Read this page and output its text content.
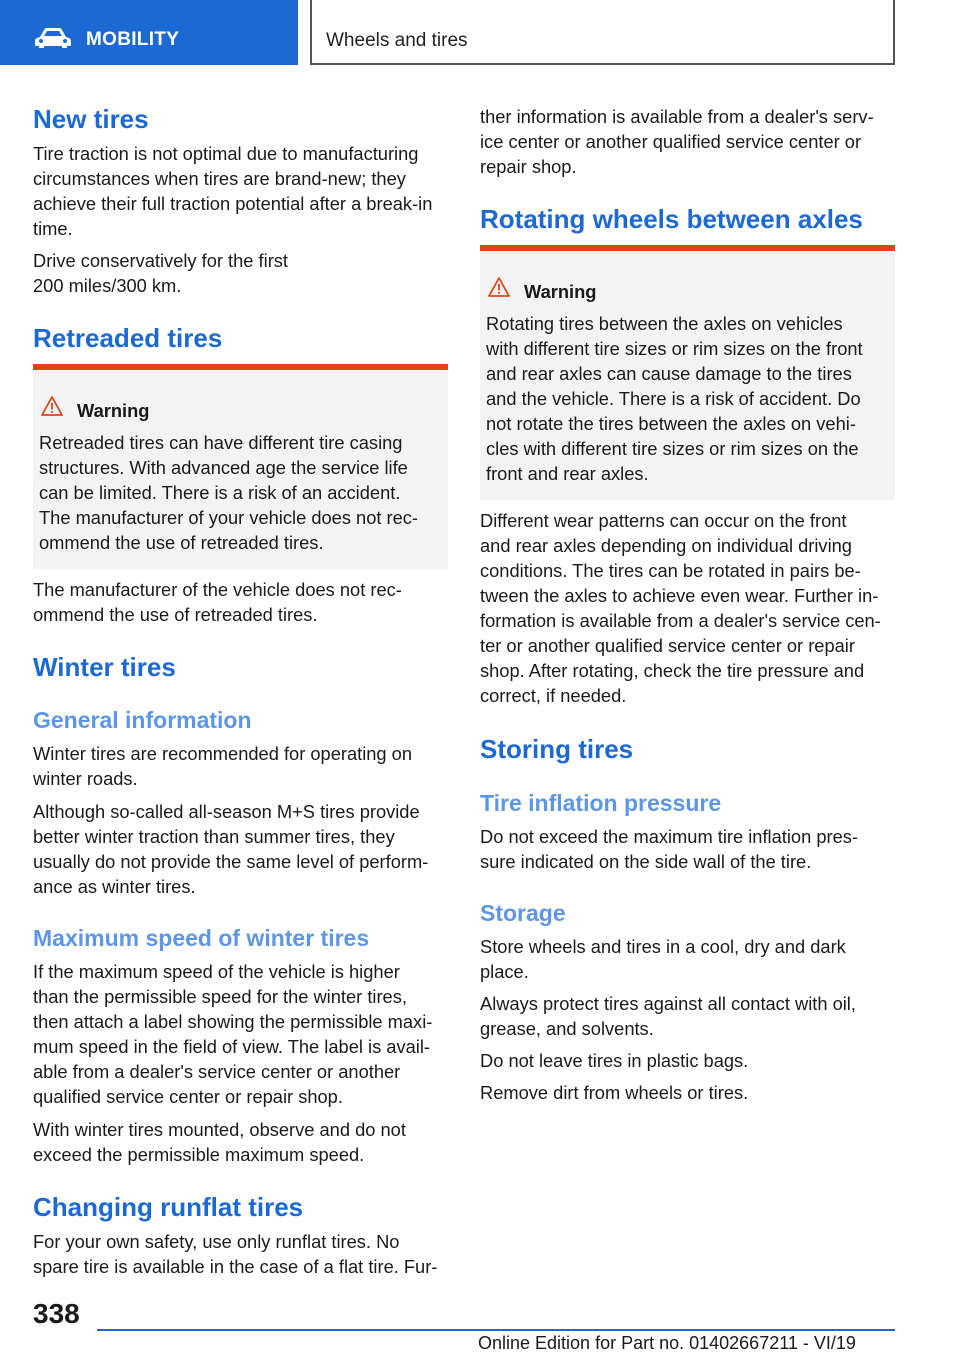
MOBILITY	Wheels and tires
New tires

Tire traction is not optimal due to manufacturing

circumstances when tires are brand-new; they

achieve their full traction potential after a break-in

time.

Drive conservatively for the first

200 miles/300 km.

Retreaded tires
Warning
Retreaded tires can have different tire casing
structures. With advanced age the service life
can be limited. There is a risk of an accident.
The manufacturer of your vehicle does not rec‐
ommend the use of retreaded tires.

The manufacturer of the vehicle does not rec‐

ommend the use of retreaded tires.

Winter tires
General information

Winter tires are recommended for operating on

winter roads.

Although so-called all-season M+S tires provide

better winter traction than summer tires, they

usually do not provide the same level of perform‐

ance as winter tires.

Maximum speed of winter tires

If the maximum speed of the vehicle is higher

than the permissible speed for the winter tires,

then attach a label showing the permissible maxi‐

mum speed in the field of view. The label is avail‐

able from a dealer's service center or another

qualified service center or repair shop.

With winter tires mounted, observe and do not

exceed the permissible maximum speed.

Changing runflat tires

For your own safety, use only runflat tires. No

spare tire is available in the case of a flat tire. Fur‐

ther information is available from a dealer's serv‐

ice center or another qualified service center or

repair shop.

Rotating wheels between axles
Warning
Rotating tires between the axles on vehicles
with different tire sizes or rim sizes on the front
and rear axles can cause damage to the tires
and the vehicle. There is a risk of accident. Do
not rotate the tires between the axles on vehi‐
cles with different tire sizes or rim sizes on the
front and rear axles.

Different wear patterns can occur on the front

and rear axles depending on individual driving

conditions. The tires can be rotated in pairs be‐

tween the axles to achieve even wear. Further in‐

formation is available from a dealer's service cen‐

ter or another qualified service center or repair

shop. After rotating, check the tire pressure and

correct, if needed.

Storing tires
Tire inflation pressure

Do not exceed the maximum tire inflation pres‐

sure indicated on the side wall of the tire.

Storage

Store wheels and tires in a cool, dry and dark

place.

Always protect tires against all contact with oil,

grease, and solvents.

Do not leave tires in plastic bags.

Remove dirt from wheels or tires.

338
Online Edition for Part no. 01402667211 - VI/19
